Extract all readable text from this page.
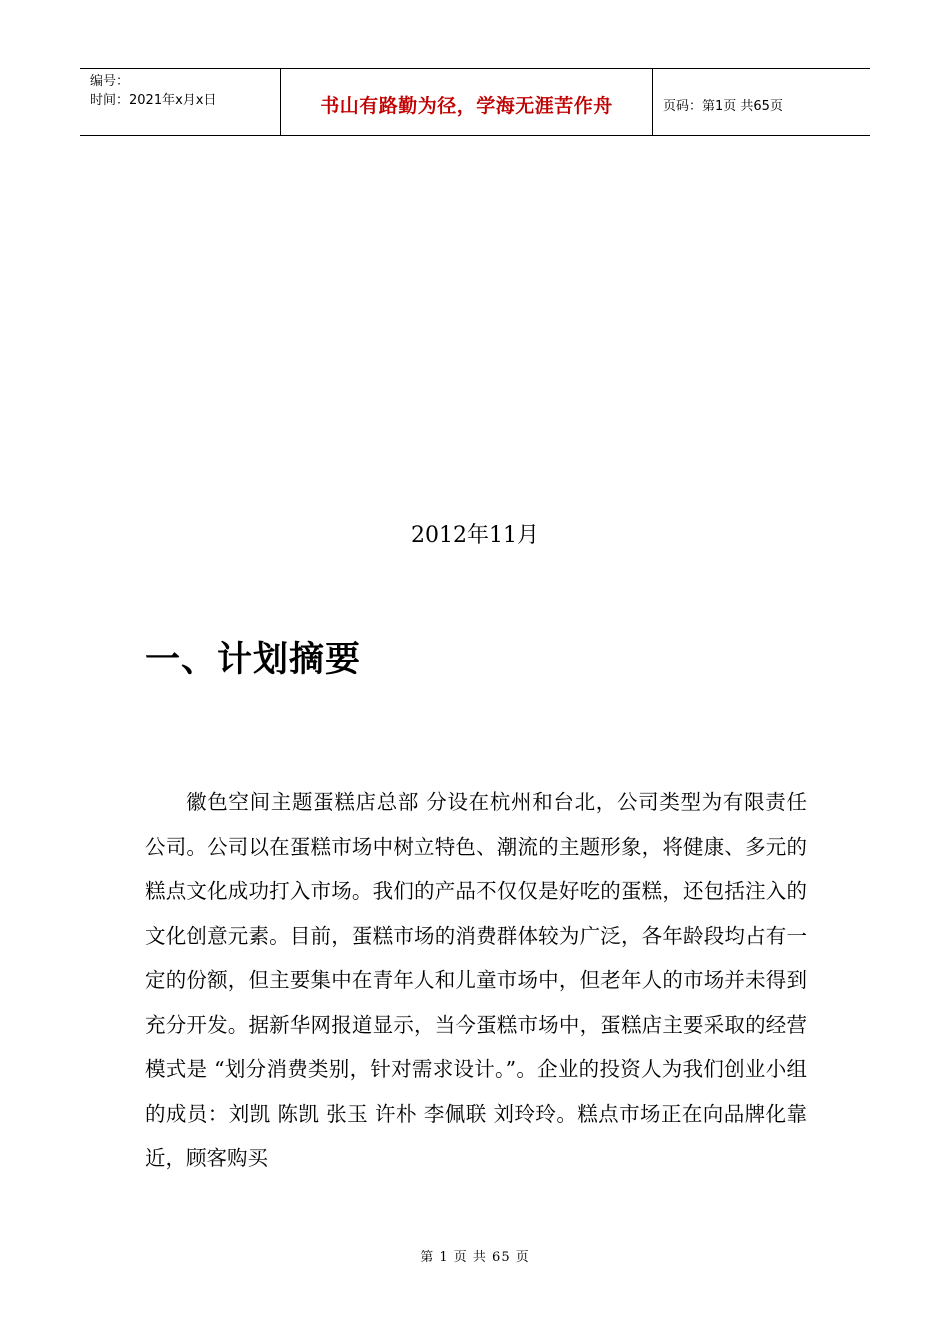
编号：
时间：2021年x月x日	书山有路勤为径，学海无涯苦作舟	页码：第1页 共65页
2012年11月
一、计划摘要

徽色空间主题蛋糕店总部 分设在杭州和台北，公司类型为有限责任公司。公司以在蛋糕市场中树立特色、潮流的主题形象，将健康、多元的糕点文化成功打入市场。我们的产品不仅仅是好吃的蛋糕，还包括注入的文化创意元素。目前，蛋糕市场的消费群体较为广泛，各年龄段均占有一定的份额，但主要集中在青年人和儿童市场中，但老年人的市场并未得到充分开发。据新华网报道显示，当今蛋糕市场中，蛋糕店主要采取的经营模式是 “划分消费类别，针对需求设计。”。企业的投资人为我们创业小组的成员：刘凯 陈凯 张玉 许朴 李佩联 刘玲玲。糕点市场正在向品牌化靠近，顾客购买

第 1 页 共 65 页
